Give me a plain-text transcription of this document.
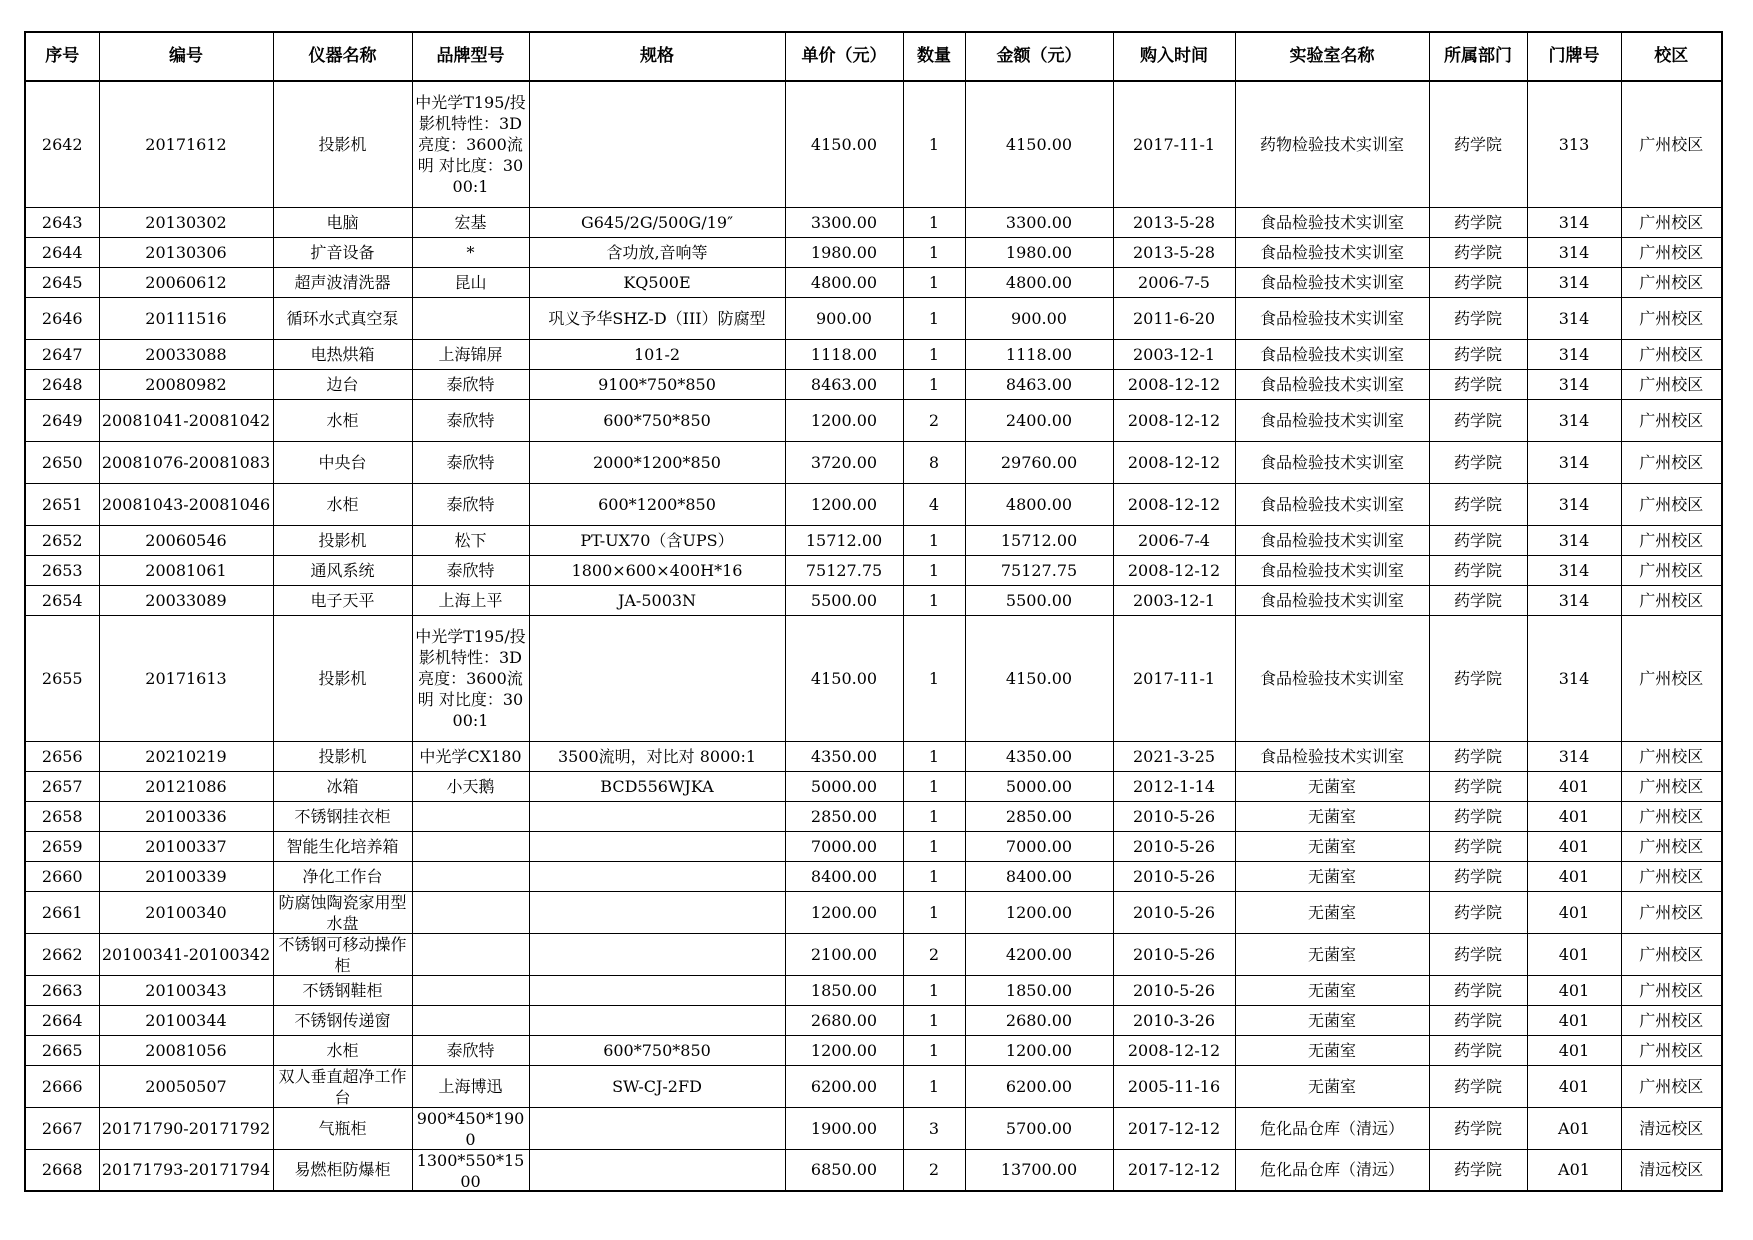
序号	编号	仪器名称	品牌型号	规格	单价（元）	数量	金额（元）	购入时间	实验室名称	所属部门	门牌号	校区
2642	20171612	投影机	中光学T195/投影机特性：3D 亮度：3600流明 对比度：3000:1		4150.00	1	4150.00	2017-11-1	药物检验技术实训室	药学院	313	广州校区
2643	20130302	电脑	宏基	G645/2G/500G/19″	3300.00	1	3300.00	2013-5-28	食品检验技术实训室	药学院	314	广州校区
2644	20130306	扩音设备	*	含功放,音响等	1980.00	1	1980.00	2013-5-28	食品检验技术实训室	药学院	314	广州校区
2645	20060612	超声波清洗器	昆山	KQ500E	4800.00	1	4800.00	2006-7-5	食品检验技术实训室	药学院	314	广州校区
2646	20111516	循环水式真空泵		巩义予华SHZ-D（III）防腐型	900.00	1	900.00	2011-6-20	食品检验技术实训室	药学院	314	广州校区
2647	20033088	电热烘箱	上海锦屏	101-2	1118.00	1	1118.00	2003-12-1	食品检验技术实训室	药学院	314	广州校区
2648	20080982	边台	泰欣特	9100*750*850	8463.00	1	8463.00	2008-12-12	食品检验技术实训室	药学院	314	广州校区
2649	20081041-20081042	水柜	泰欣特	600*750*850	1200.00	2	2400.00	2008-12-12	食品检验技术实训室	药学院	314	广州校区
2650	20081076-20081083	中央台	泰欣特	2000*1200*850	3720.00	8	29760.00	2008-12-12	食品检验技术实训室	药学院	314	广州校区
2651	20081043-20081046	水柜	泰欣特	600*1200*850	1200.00	4	4800.00	2008-12-12	食品检验技术实训室	药学院	314	广州校区
2652	20060546	投影机	松下	PT-UX70（含UPS）	15712.00	1	15712.00	2006-7-4	食品检验技术实训室	药学院	314	广州校区
2653	20081061	通风系统	泰欣特	1800×600×400H*16	75127.75	1	75127.75	2008-12-12	食品检验技术实训室	药学院	314	广州校区
2654	20033089	电子天平	上海上平	JA-5003N	5500.00	1	5500.00	2003-12-1	食品检验技术实训室	药学院	314	广州校区
2655	20171613	投影机	中光学T195/投影机特性：3D 亮度：3600流明 对比度：3000:1		4150.00	1	4150.00	2017-11-1	食品检验技术实训室	药学院	314	广州校区
2656	20210219	投影机	中光学CX180	3500流明，对比对 8000:1	4350.00	1	4350.00	2021-3-25	食品检验技术实训室	药学院	314	广州校区
2657	20121086	冰箱	小天鹅	BCD556WJKA	5000.00	1	5000.00	2012-1-14	无菌室	药学院	401	广州校区
2658	20100336	不锈钢挂衣柜			2850.00	1	2850.00	2010-5-26	无菌室	药学院	401	广州校区
2659	20100337	智能生化培养箱			7000.00	1	7000.00	2010-5-26	无菌室	药学院	401	广州校区
2660	20100339	净化工作台			8400.00	1	8400.00	2010-5-26	无菌室	药学院	401	广州校区
2661	20100340	防腐蚀陶瓷家用型水盘			1200.00	1	1200.00	2010-5-26	无菌室	药学院	401	广州校区
2662	20100341-20100342	不锈钢可移动操作柜			2100.00	2	4200.00	2010-5-26	无菌室	药学院	401	广州校区
2663	20100343	不锈钢鞋柜			1850.00	1	1850.00	2010-5-26	无菌室	药学院	401	广州校区
2664	20100344	不锈钢传递窗			2680.00	1	2680.00	2010-3-26	无菌室	药学院	401	广州校区
2665	20081056	水柜	泰欣特	600*750*850	1200.00	1	1200.00	2008-12-12	无菌室	药学院	401	广州校区
2666	20050507	双人垂直超净工作台	上海博迅	SW-CJ-2FD	6200.00	1	6200.00	2005-11-16	无菌室	药学院	401	广州校区
2667	20171790-20171792	气瓶柜	900*450*1900		1900.00	3	5700.00	2017-12-12	危化品仓库（清远）	药学院	A01	清远校区
2668	20171793-20171794	易燃柜防爆柜	1300*550*1500		6850.00	2	13700.00	2017-12-12	危化品仓库（清远）	药学院	A01	清远校区
